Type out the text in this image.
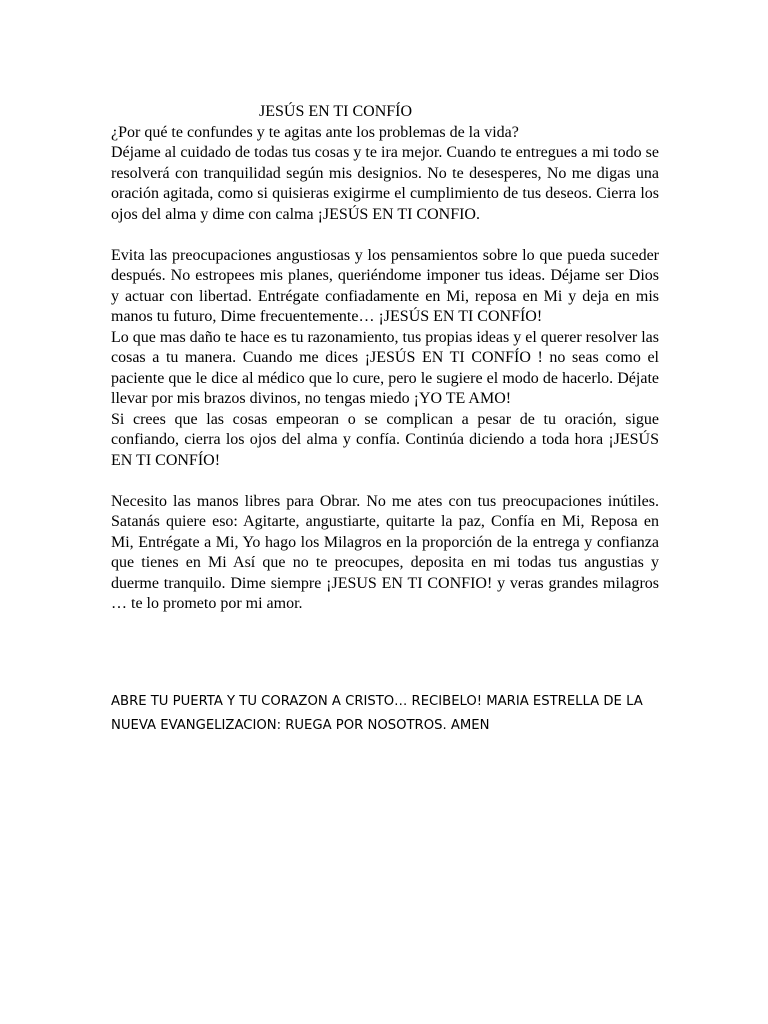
JESÚS EN TI CONFÍO

¿Por qué te confundes y te agitas ante los problemas de la vida?

Déjame al cuidado de todas tus cosas y te ira mejor. Cuando te entregues a mi todo se resolverá con tranquilidad según mis designios. No te desesperes, No me digas una oración agitada, como si quisieras exigirme el cumplimiento de tus deseos. Cierra los ojos del alma y dime con calma ¡JESÚS EN TI CONFIO.

Evita las preocupaciones angustiosas y los pensamientos sobre lo que pueda suceder después. No estropees mis planes, queriéndome imponer tus ideas. Déjame ser Dios y actuar con libertad. Entrégate confiadamente en Mi, reposa en Mi y deja en mis manos tu futuro, Dime frecuentemente… ¡JESÚS EN TI CONFÍO!

Lo que mas daño te hace es tu razonamiento, tus propias ideas y el querer resolver las cosas a tu manera. Cuando me dices ¡JESÚS EN TI CONFÍO ! no seas como el paciente que le dice al médico que lo cure, pero le sugiere el modo de hacerlo. Déjate llevar por mis brazos divinos, no tengas miedo ¡YO TE AMO!

Si crees que las cosas empeoran o se complican a pesar de tu oración, sigue confiando, cierra los ojos del alma y confía. Continúa diciendo a toda hora ¡JESÚS EN TI CONFÍO!

Necesito las manos libres para Obrar. No me ates con tus preocupaciones inútiles. Satanás quiere eso: Agitarte, angustiarte, quitarte la paz, Confía en Mi, Reposa en Mi, Entrégate a Mi, Yo hago los Milagros en la proporción de la entrega y confianza que tienes en Mi Así que no te preocupes, deposita en mi todas tus angustias y duerme tranquilo. Dime siempre ¡JESUS EN TI CONFIO! y veras grandes milagros … te lo prometo por mi amor.

ABRE TU PUERTA Y TU CORAZON A CRISTO… RECIBELO! MARIA ESTRELLA DE LA NUEVA EVANGELIZACION: RUEGA POR NOSOTROS. AMEN
